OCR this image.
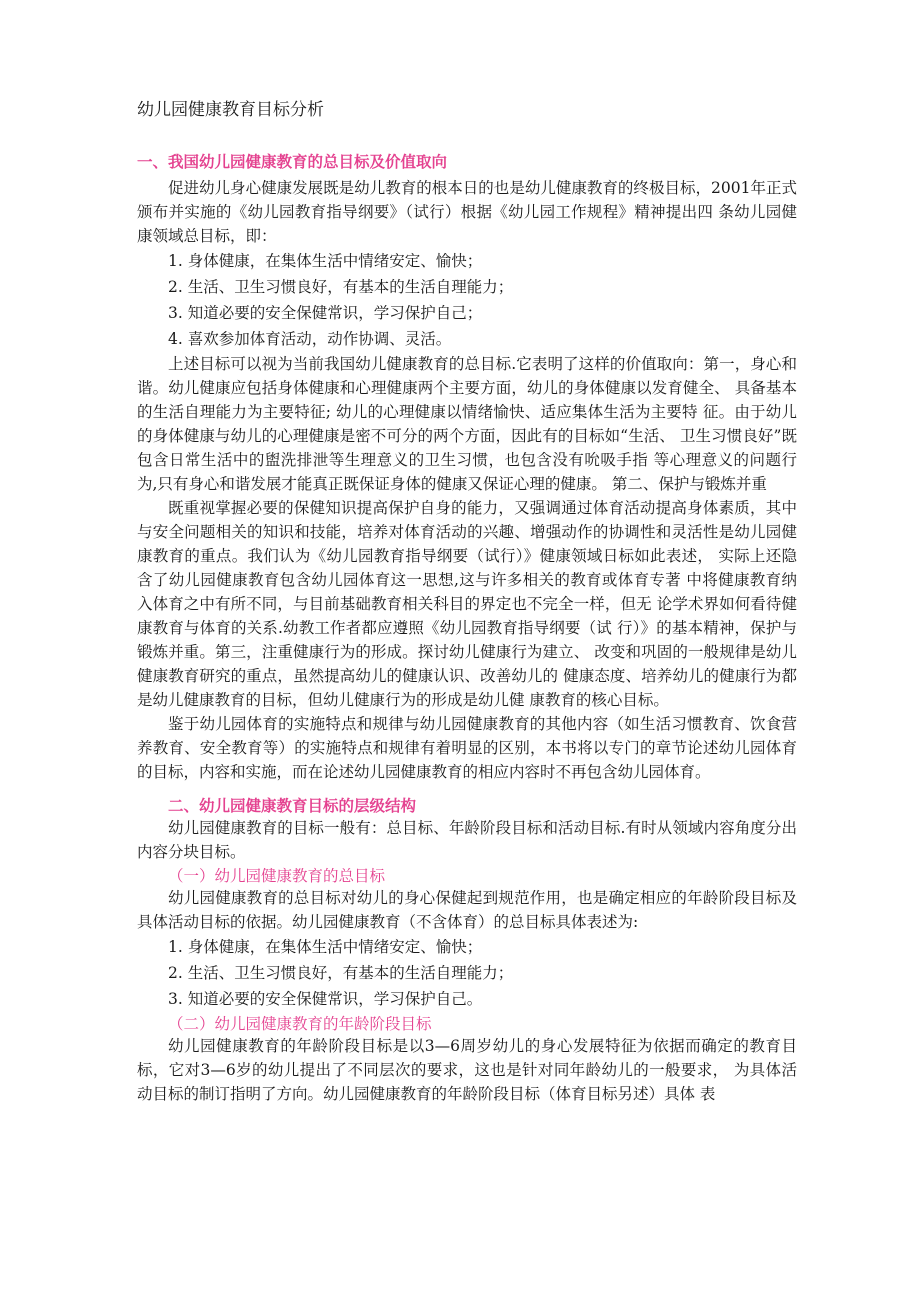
幼儿园健康教育目标分析
一、我国幼儿园健康教育的总目标及价值取向

促进幼儿身心健康发展既是幼儿教育的根本日的也是幼儿健康教育的终极目标，2001年正式颁布并实施的《幼儿园教育指导纲要》（试行）根据《幼儿园工作规程》精神提出四 条幼儿园健康领域总目标，即：

1. 身体健康，在集体生活中情绪安定、愉快；
2. 生活、卫生习惯良好，有基本的生活自理能力；
3. 知道必要的安全保健常识，学习保护自己；
4. 喜欢参加体育活动，动作协调、灵活。

上述目标可以视为当前我国幼儿健康教育的总目标.它表明了这样的价值取向：第一，身心和谐。幼儿健康应包括身体健康和心理健康两个主要方面，幼儿的身体健康以发育健全、 具备基本的生活自理能力为主要特征; 幼儿的心理健康以情绪愉快、适应集体生活为主要特 征。由于幼儿的身体健康与幼儿的心理健康是密不可分的两个方面，因此有的目标如“生活、 卫生习惯良好”既包含日常生活中的盥洗排泄等生理意义的卫生习惯，也包含没有吮吸手指 等心理意义的问题行为,只有身心和谐发展才能真正既保证身体的健康又保证心理的健康。 第二、保护与锻炼并重

既重视掌握必要的保健知识提高保护自身的能力，又强调通过体育活动提高身体素质，其中与安全问题相关的知识和技能，培养对体育活动的兴趣、增强动作的协调性和灵活性是幼儿园健康教育的重点。我们认为《幼儿园教育指导纲要（试行）》健康领域日标如此表述， 实际上还隐含了幼儿园健康教育包含幼儿园体育这一思想,这与许多相关的教育或体育专著 中将健康教育纳入体育之中有所不同，与目前基础教育相关科目的界定也不完全一样，但无 论学术界如何看待健康教育与体育的关系.幼教工作者都应遵照《幼儿园教育指导纲要（试 行）》的基本精神，保护与锻炼并重。第三，注重健康行为的形成。探讨幼儿健康行为建立、 改变和巩固的一般规律是幼儿健康教育研究的重点，虽然提高幼儿的健康认识、改善幼儿的 健康态度、培养幼儿的健康行为都是幼儿健康教育的目标，但幼儿健康行为的形成是幼儿健 康教育的核心目标。

鉴于幼儿园体育的实施特点和规律与幼儿园健康教育的其他内容（如生活习惯教育、饮食营养教育、安全教育等）的实施特点和规律有着明显的区别，本书将以专门的章节论述幼儿园体育的目标，内容和实施，而在论述幼儿园健康教育的相应内容时不再包含幼儿园体育。

二、幼儿园健康教育目标的层级结构

幼儿园健康教育的目标一般有：总目标、年龄阶段目标和活动目标.有时从领域内容角度分出内容分块目标。

（一）幼儿园健康教育的总目标

幼儿园健康教育的总目标对幼儿的身心保健起到规范作用，也是确定相应的年龄阶段目标及具体活动目标的依据。幼儿园健康教育（不含体育）的总目标具体表述为:

1. 身体健康，在集体生活中情绪安定、愉快；
2. 生活、卫生习惯良好，有基本的生活自理能力；
3. 知道必要的安全保健常识，学习保护自己。
（二）幼儿园健康教育的年龄阶段目标

幼儿园健康教育的年龄阶段目标是以3—6周岁幼儿的身心发展特征为依据而确定的教育目标，它对3—6岁的幼儿提出了不同层次的要求，这也是针对同年龄幼儿的一般要求， 为具体活动目标的制订指明了方向。幼儿园健康教育的年龄阶段目标（体育目标另述）具体 表
